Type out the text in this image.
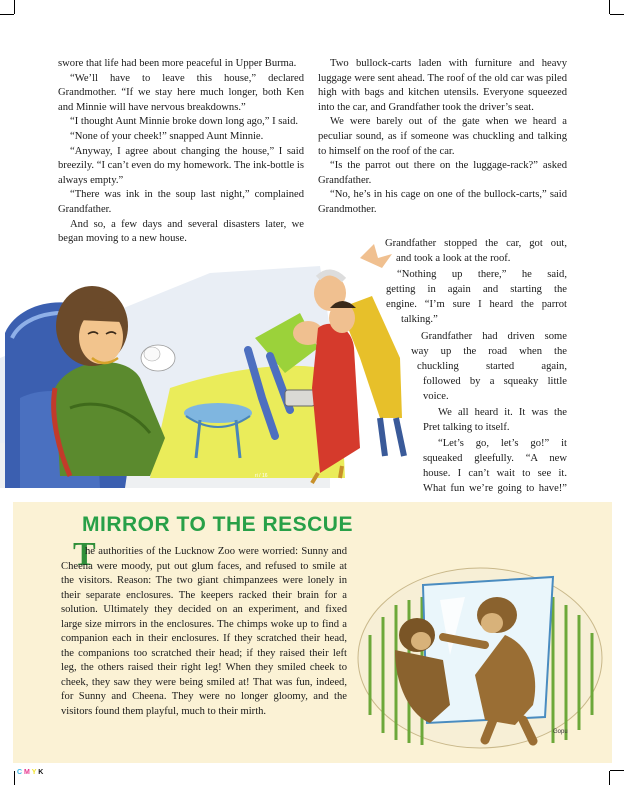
swore that life had been more peaceful in Upper Burma.

“We’ll have to leave this house,” declared Grandmother. “If we stay here much longer, both Ken and Minnie will have nervous breakdowns.”

“I thought Aunt Minnie broke down long ago,” I said.

“None of your cheek!” snapped Aunt Minnie.

“Anyway, I agree about changing the house,” I said breezily. “I can’t even do my homework. The ink-bottle is always empty.”

“There was ink in the soup last night,” complained Grandfather.

And so, a few days and several disasters later, we began moving to a new house.

Two bullock-carts laden with furniture and heavy luggage were sent ahead. The roof of the old car was piled high with bags and kitchen utensils. Everyone squeezed into the car, and Grandfather took the driver’s seat.

We were barely out of the gate when we heard a peculiar sound, as if someone was chuckling and talking to himself on the roof of the car.

“Is the parrot out there on the luggage-rack?” asked Grandfather.

“No, he’s in his cage on one of the bullock-carts,” said Grandmother.

Grandfather stopped the car, got out,
and took a look at the roof.
“Nothing up there,” he said,
getting in again and starting the
engine. “I’m sure I heard the parrot
talking.”
Grandfather had driven some
way up the road when the
chuckling started again,
followed by a squeaky little
voice.
We all heard it. It was the
Pret talking to itself.
“Let’s go, let’s go!” it
squeaked gleefully. “A new
house. I can’t wait to see it.
What fun we’re going to have!”
ri / 16
MIRROR TO THE RESCUE
T

he authorities of the Lucknow Zoo were worried: Sunny and Cheena were moody, put out glum faces, and refused to smile at the visitors. Reason: The two giant chimpanzees were lonely in their separate enclosures. The keepers racked their brain for a solution. Ultimately they decided on an experiment, and fixed large size mirrors in the enclosures. The chimps woke up to find a companion each in their enclosures. If they scratched their head, the companions too scratched their head; if they raised their left leg, the others raised their right leg! When they smiled cheek to cheek, they saw they were being smiled at! That was fun, indeed, for Sunny and Cheena. They were no longer gloomy, and the visitors found them playful, much to their mirth.

Gopu
C M Y K
